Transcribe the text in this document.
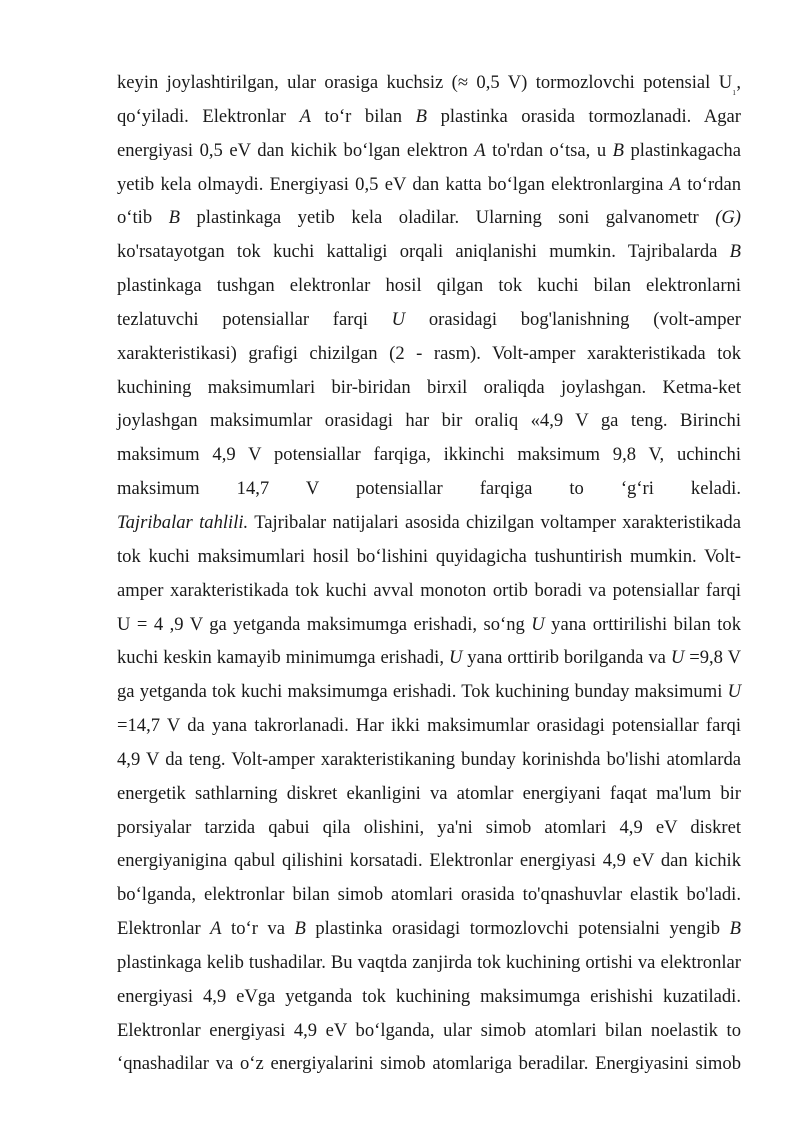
keyin joylashtirilgan, ular orasiga kuchsiz (≈ 0,5 V) tormozlovchi potensial $U_{_1}$,
qo‘yiladi. Elektronlar A to‘r bilan B plastinka orasida tormozlanadi. Agar
energiyasi 0,5 eV dan kichik bo‘lgan elektron A to'rdan o‘tsa, u B plastinkagacha
yetib kela olmaydi. Energiyasi 0,5 eV dan katta bo‘lgan elektronlargina A to‘rdan
o‘tib B plastinkaga yetib kela oladilar. Ularning soni galvanometr (G)
ko'rsatayotgan tok kuchi kattaligi orqali aniqlanishi mumkin. Tajribalarda B
plastinkaga tushgan elektronlar hosil qilgan tok kuchi bilan elektronlarni
tezlatuvchi potensiallar farqi U orasidagi bog'lanishning (volt-amper
xarakteristikasi) grafigi chizilgan (2 - rasm). Volt-amper xarakteristikada tok
kuchining maksimumlari bir-biridan birxil oraliqda joylashgan. Ketma-ket
joylashgan maksimumlar orasidagi har bir oraliq «4,9 V ga teng. Birinchi
maksimum 4,9 V potensiallar farqiga, ikkinchi maksimum 9,8 V, uchinchi
maksimum 14,7 V potensiallar farqiga to ‘g‘ri keladi.
Tajribalar tahlili. Tajribalar natijalari asosida chizilgan voltamper xarakteristikada
tok kuchi maksimumlari hosil bo‘lishini quyidagicha tushuntirish mumkin. Volt-
amper xarakteristikada tok kuchi avval monoton ortib boradi va potensiallar farqi
U = 4 ,9 V ga yetganda maksimumga erishadi, so‘ng U yana orttirilishi bilan tok
kuchi keskin kamayib minimumga erishadi, U yana orttirib borilganda va U =9,8 V
ga yetganda tok kuchi maksimumga erishadi. Tok kuchining bunday maksimumi U
=14,7 V da yana takrorlanadi. Har ikki maksimumlar orasidagi potensiallar farqi
4,9 V da teng. Volt-amper xarakteristikaning bunday korinishda bo'lishi atomlarda
energetik sathlarning diskret ekanligini va atomlar energiyani faqat ma'lum bir
porsiyalar tarzida qabui qila olishini, ya'ni simob atomlari 4,9 eV diskret
energiyanigina qabul qilishini korsatadi. Elektronlar energiyasi 4,9 eV dan kichik
bo‘lganda, elektronlar bilan simob atomlari orasida to'qnashuvlar elastik bo'ladi.
Elektronlar A to‘r va B plastinka orasidagi tormozlovchi potensialni yengib B
plastinkaga kelib tushadilar. Bu vaqtda zanjirda tok kuchining ortishi va elektronlar
energiyasi 4,9 eVga yetganda tok kuchining maksimumga erishishi kuzatiladi.
Elektronlar energiyasi 4,9 eV bo‘lganda, ular simob atomlari bilan noelastik to
‘qnashadilar va o‘z energiyalarini simob atomlariga beradilar. Energiyasini simob
